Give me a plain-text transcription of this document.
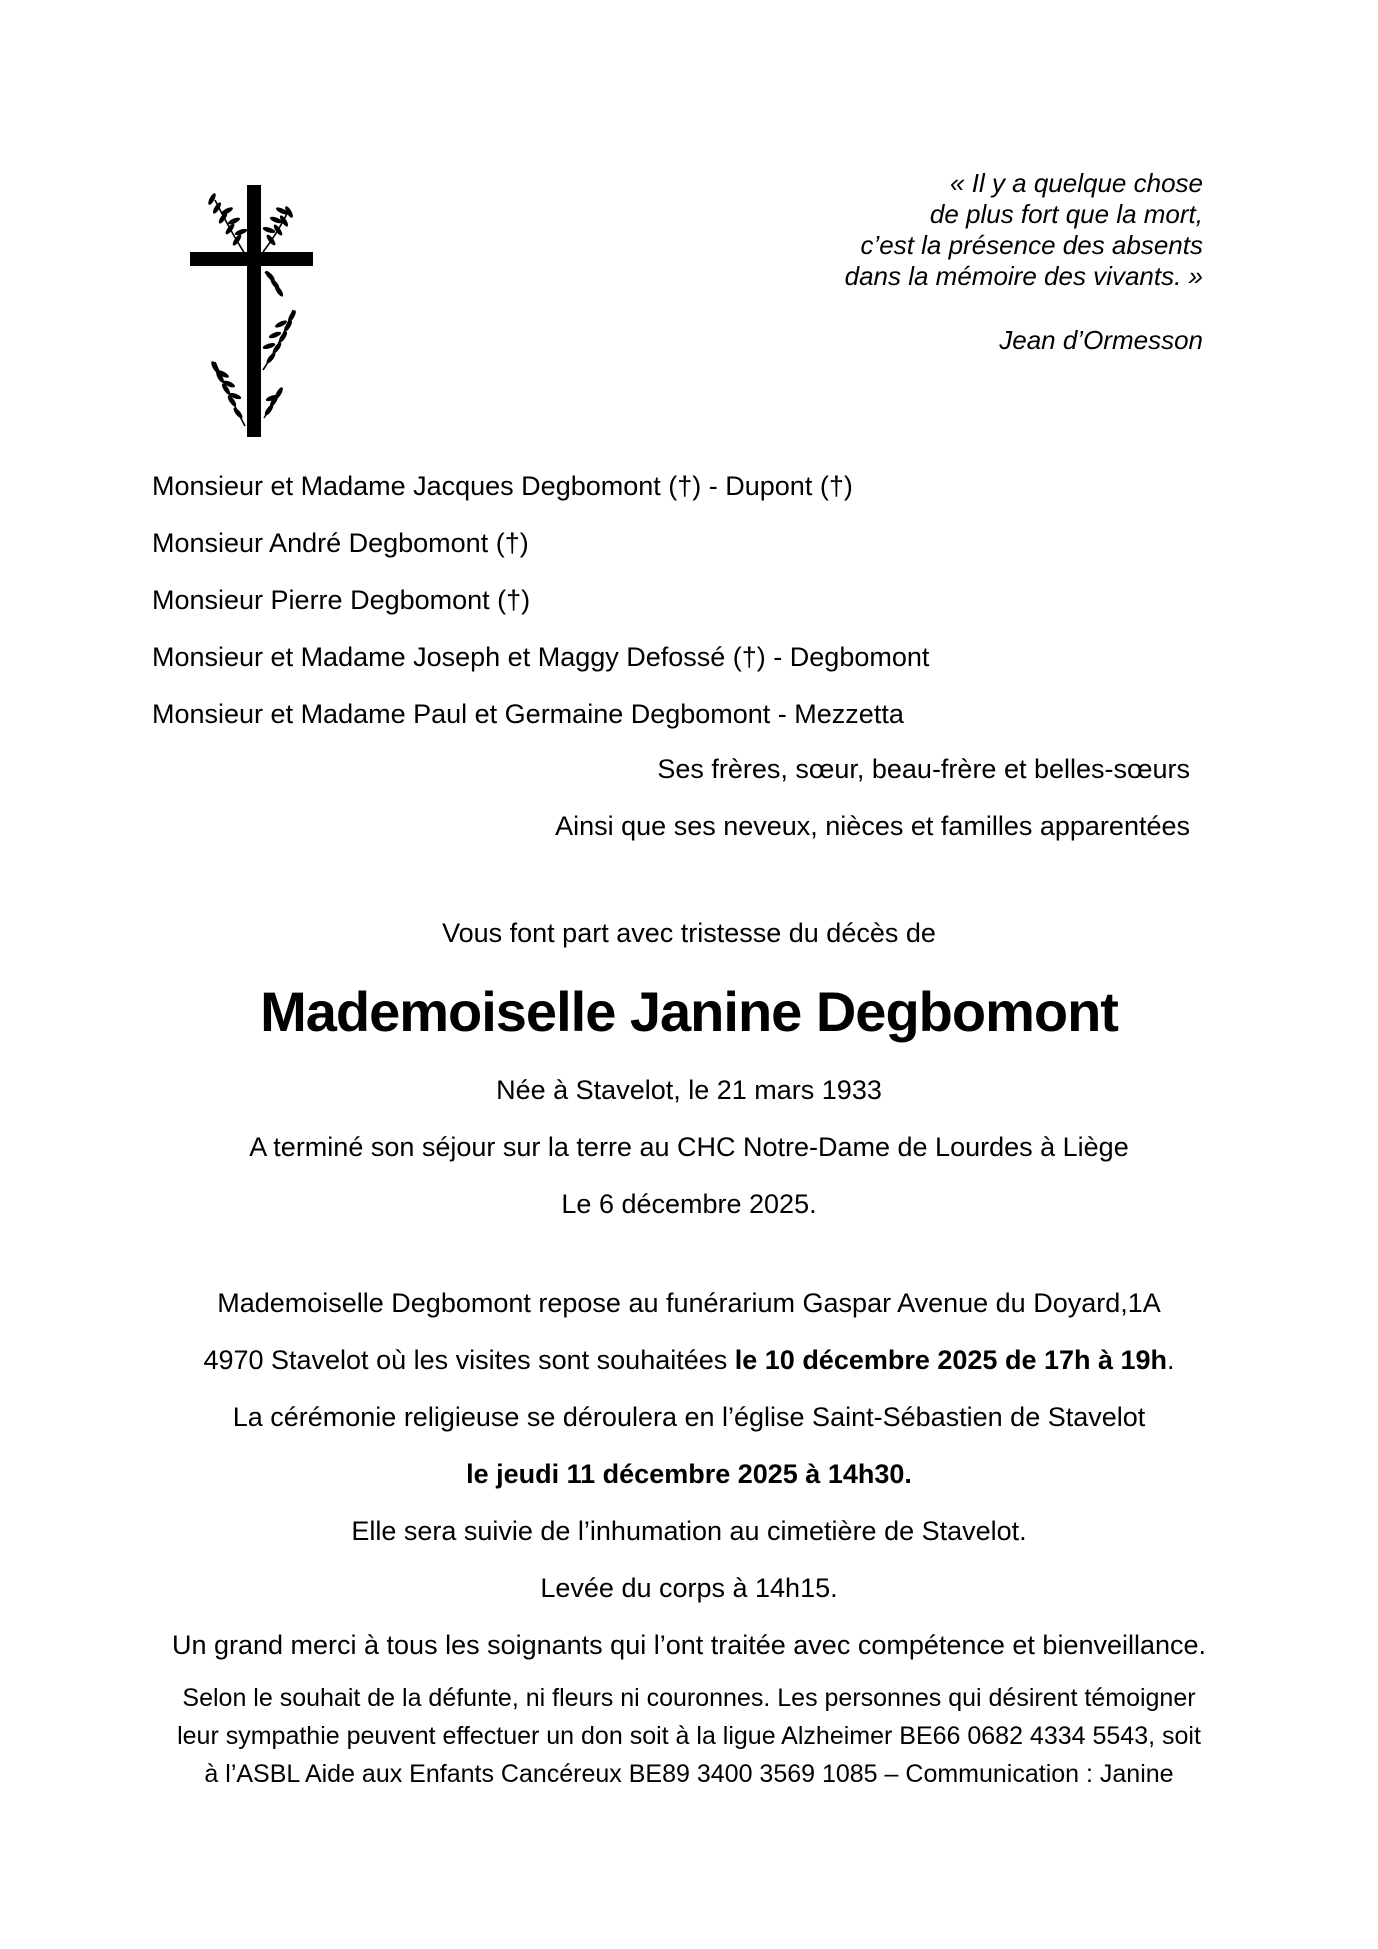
« Il y a quelque chose
de plus fort que la mort,
c’est la présence des absents
dans la mémoire des vivants. »
Jean d’Ormesson
Monsieur et Madame Jacques Degbomont (†) - Dupont (†)
Monsieur André Degbomont (†)
Monsieur Pierre Degbomont (†)
Monsieur et Madame Joseph et Maggy Defossé (†) - Degbomont
Monsieur et Madame Paul et Germaine Degbomont - Mezzetta
Ses frères, sœur, beau-frère et belles-sœurs
Ainsi que ses neveux, nièces et familles apparentées
Vous font part avec tristesse du décès de
Mademoiselle Janine Degbomont
Née à Stavelot, le 21 mars 1933
A terminé son séjour sur la terre au CHC Notre-Dame de Lourdes à Liège
Le 6 décembre 2025.
Mademoiselle Degbomont repose au funérarium Gaspar Avenue du Doyard,1A
4970 Stavelot où les visites sont souhaitées le 10 décembre 2025 de 17h à 19h.
La cérémonie religieuse se déroulera en l’église Saint-Sébastien de Stavelot
le jeudi 11 décembre 2025 à 14h30.
Elle sera suivie de l’inhumation au cimetière de Stavelot.
Levée du corps à 14h15.
Un grand merci à tous les soignants qui l’ont traitée avec compétence et bienveillance.
Selon le souhait de la défunte, ni fleurs ni couronnes. Les personnes qui désirent témoigner
leur sympathie peuvent effectuer un don soit à la ligue Alzheimer BE66 0682 4334 5543, soit
à l’ASBL Aide aux Enfants Cancéreux BE89 3400 3569 1085 – Communication : Janine
